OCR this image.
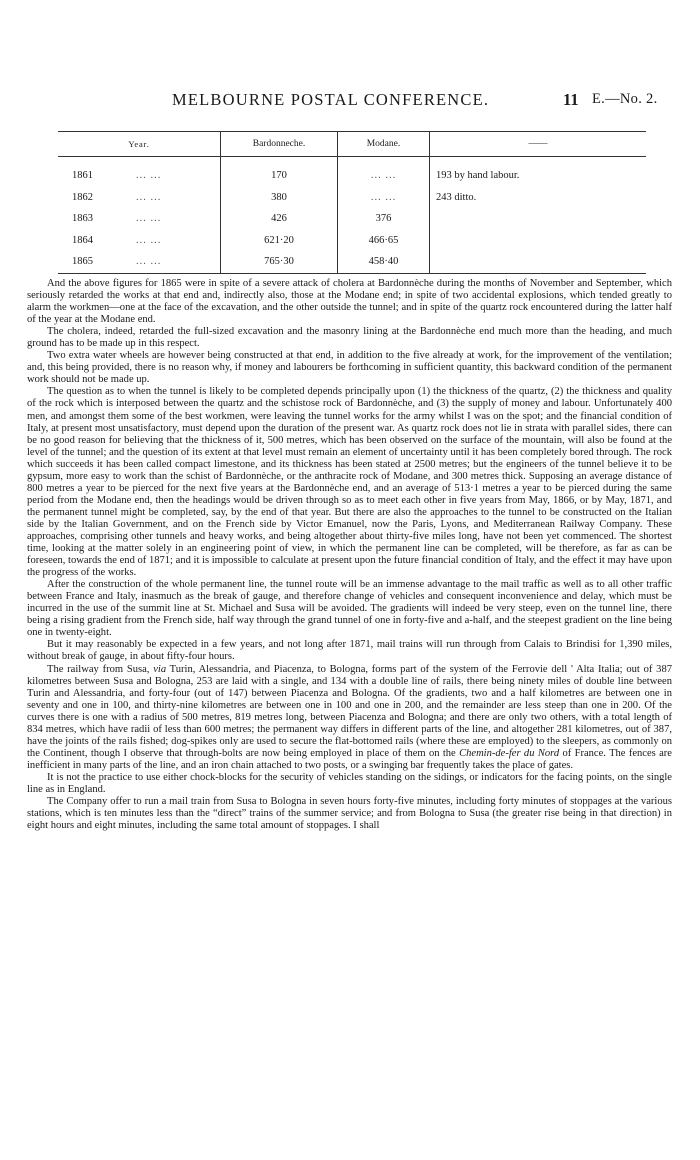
MELBOURNE POSTAL CONFERENCE.	11 E.—No. 2.
Year.	Bardonneche.	Modane.	——
1861 ... ...	170	... ...	193 by hand labour.
1862 ... ...	380	... ...	243 ditto.
1863 ... ...	426	376	
1864 ... ...	621·20	466·65	
1865 ... ...	765·30	458·40	

And the above figures for 1865 were in spite of a severe attack of cholera at Bardonnèche during the months of November and September, which seriously retarded the works at that end and, indirectly also, those at the Modane end; in spite of two accidental explosions, which tended greatly to alarm the workmen—one at the face of the excavation, and the other outside the tunnel; and in spite of the quartz rock encountered during the latter half of the year at the Modane end.

The cholera, indeed, retarded the full-sized excavation and the masonry lining at the Bardonnèche end much more than the heading, and much ground has to be made up in this respect.

Two extra water wheels are however being constructed at that end, in addition to the five already at work, for the improvement of the ventilation; and, this being provided, there is no reason why, if money and labourers be forthcoming in sufficient quantity, this backward condition of the permanent work should not be made up.

The question as to when the tunnel is likely to be completed depends principally upon (1) the thickness of the quartz, (2) the thickness and quality of the rock which is interposed between the quartz and the schistose rock of Bardonnèche, and (3) the supply of money and labour. Unfortunately 400 men, and amongst them some of the best workmen, were leaving the tunnel works for the army whilst I was on the spot; and the financial condition of Italy, at present most unsatisfactory, must depend upon the duration of the present war. As quartz rock does not lie in strata with parallel sides, there can be no good reason for believing that the thickness of it, 500 metres, which has been observed on the surface of the mountain, will also be found at the level of the tunnel; and the question of its extent at that level must remain an element of uncertainty until it has been completely bored through. The rock which succeeds it has been called compact limestone, and its thickness has been stated at 2500 metres; but the engineers of the tunnel believe it to be gypsum, more easy to work than the schist of Bardonnèche, or the anthracite rock of Modane, and 300 metres thick. Supposing an average distance of 800 metres a year to be pierced for the next five years at the Bardonnèche end, and an average of 513·1 metres a year to be pierced during the same period from the Modane end, then the headings would be driven through so as to meet each other in five years from May, 1866, or by May, 1871, and the permanent tunnel might be completed, say, by the end of that year. But there are also the approaches to the tunnel to be constructed on the Italian side by the Italian Government, and on the French side by Victor Emanuel, now the Paris, Lyons, and Mediterranean Railway Company. These approaches, comprising other tunnels and heavy works, and being altogether about thirty-five miles long, have not been yet commenced. The shortest time, looking at the matter solely in an engineering point of view, in which the permanent line can be completed, will be therefore, as far as can be foreseen, towards the end of 1871; and it is impossible to calculate at present upon the future financial condition of Italy, and the effect it may have upon the progress of the works.

After the construction of the whole permanent line, the tunnel route will be an immense advantage to the mail traffic as well as to all other traffic between France and Italy, inasmuch as the break of gauge, and therefore change of vehicles and consequent inconvenience and delay, which must be incurred in the use of the summit line at St. Michael and Susa will be avoided. The gradients will indeed be very steep, even on the tunnel line, there being a rising gradient from the French side, half way through the grand tunnel of one in forty-five and a-half, and the steepest gradient on the line being one in twenty-eight.

But it may reasonably be expected in a few years, and not long after 1871, mail trains will run through from Calais to Brindisi for 1,390 miles, without break of gauge, in about fifty-four hours.

The railway from Susa, via Turin, Alessandria, and Piacenza, to Bologna, forms part of the system of the Ferrovie dell ' Alta Italia; out of 387 kilometres between Susa and Bologna, 253 are laid with a single, and 134 with a double line of rails, there being ninety miles of double line between Turin and Alessandria, and forty-four (out of 147) between Piacenza and Bologna. Of the gradients, two and a half kilometres are between one in seventy and one in 100, and thirty-nine kilometres are between one in 100 and one in 200, and the remainder are less steep than one in 200. Of the curves there is one with a radius of 500 metres, 819 metres long, between Piacenza and Bologna; and there are only two others, with a total length of 834 metres, which have radii of less than 600 metres; the permanent way differs in different parts of the line, and altogether 281 kilometres, out of 387, have the joints of the rails fished; dog-spikes only are used to secure the flat-bottomed rails (where these are employed) to the sleepers, as commonly on the Continent, though I observe that through-bolts are now being employed in place of them on the Chemin-de-fer du Nord of France. The fences are inefficient in many parts of the line, and an iron chain attached to two posts, or a swinging bar frequently takes the place of gates.

It is not the practice to use either chock-blocks for the security of vehicles standing on the sidings, or indicators for the facing points, on the single line as in England.

The Company offer to run a mail train from Susa to Bologna in seven hours forty-five minutes, including forty minutes of stoppages at the various stations, which is ten minutes less than the “direct” trains of the summer service; and from Bologna to Susa (the greater rise being in that direction) in eight hours and eight minutes, including the same total amount of stoppages. I shall
